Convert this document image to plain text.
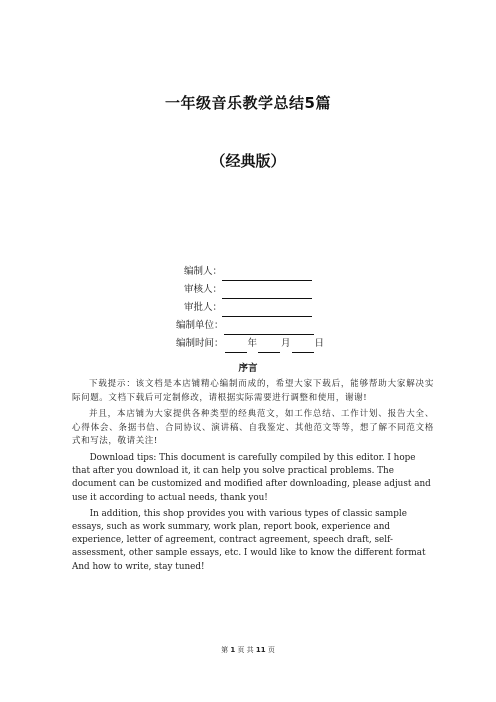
一年级音乐教学总结5篇
（经典版）
编制人：
审核人：
审批人：
编制单位：
编制时间：	年	月	日
序言

下载提示：该文档是本店铺精心编制而成的，希望大家下载后，能够帮助大家解决实际问题。文档下载后可定制修改，请根据实际需要进行调整和使用，谢谢!

并且，本店铺为大家提供各种类型的经典范文，如工作总结、工作计划、报告大全、心得体会、条据书信、合同协议、演讲稿、自我鉴定、其他范文等等，想了解不同范文格式和写法，敬请关注!

Download tips: This document is carefully compiled by this editor. I hope that after you download it, it can help you solve practical problems. The document can be customized and modified after downloading, please adjust and use it according to actual needs, thank you!

In addition, this shop provides you with various types of classic sample essays, such as work summary, work plan, report book, experience and experience, letter of agreement, contract agreement, speech draft, self-assessment, other sample essays, etc. I would like to know the different format And how to write, stay tuned!

第 1 页 共 11 页
